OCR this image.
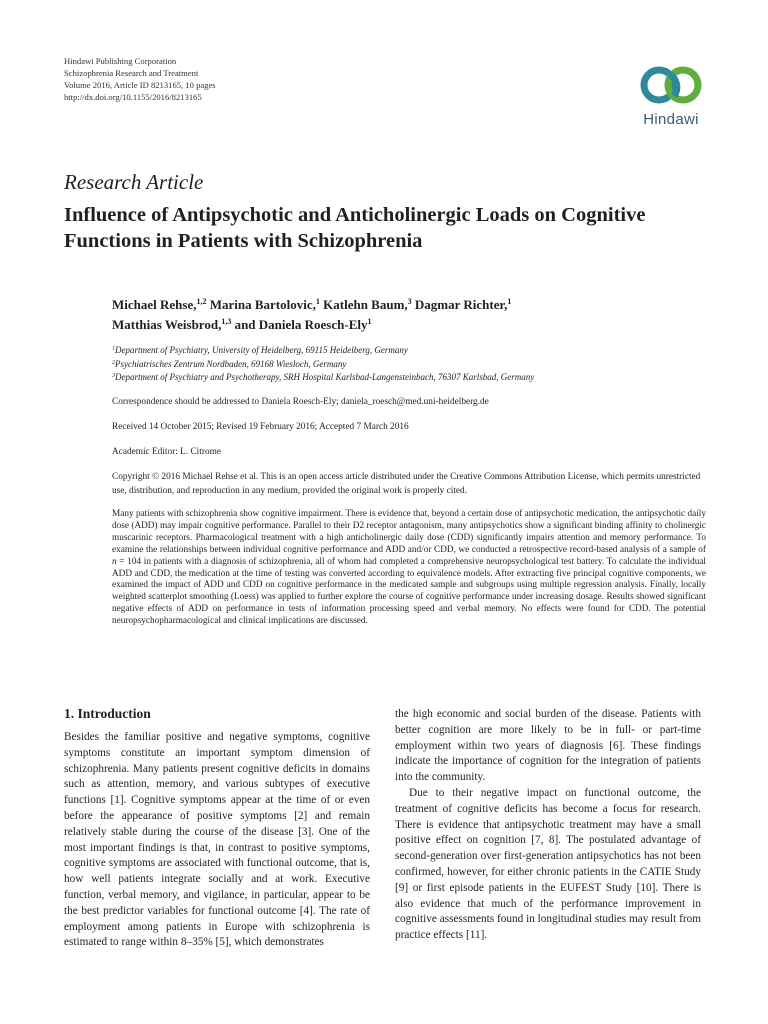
Hindawi Publishing Corporation
Schizophrenia Research and Treatment
Volume 2016, Article ID 8213165, 10 pages
http://dx.doi.org/10.1155/2016/8213165
Hindawi
Research Article
Influence of Antipsychotic and Anticholinergic Loads on Cognitive Functions in Patients with Schizophrenia
Michael Rehse,$^{1,2}$ Marina Bartolovic,$^1$ Katlehn Baum,$^3$ Dagmar Richter,$^1$
Matthias Weisbrod,$^{1,3}$ and Daniela Roesch-Ely$^1$
$^1$Department of Psychiatry, University of Heidelberg, 69115 Heidelberg, Germany
$^2$Psychiatrisches Zentrum Nordbaden, 69168 Wiesloch, Germany
$^3$Department of Psychiatry and Psychotherapy, SRH Hospital Karlsbad-Langensteinbach, 76307 Karlsbad, Germany
Correspondence should be addressed to Daniela Roesch-Ely; daniela_roesch@med.uni-heidelberg.de
Received 14 October 2015; Revised 19 February 2016; Accepted 7 March 2016
Academic Editor: L. Citrome
Copyright © 2016 Michael Rehse et al. This is an open access article distributed under the Creative Commons Attribution License, which permits unrestricted use, distribution, and reproduction in any medium, provided the original work is properly cited.
Many patients with schizophrenia show cognitive impairment. There is evidence that, beyond a certain dose of antipsychotic medication, the antipsychotic daily dose (ADD) may impair cognitive performance. Parallel to their D2 receptor antagonism, many antipsychotics show a significant binding affinity to cholinergic muscarinic receptors. Pharmacological treatment with a high anticholinergic daily dose (CDD) significantly impairs attention and memory performance. To examine the relationships between individual cognitive performance and ADD and/or CDD, we conducted a retrospective record-based analysis of a sample of n = 104 in patients with a diagnosis of schizophrenia, all of whom had completed a comprehensive neuropsychological test battery. To calculate the individual ADD and CDD, the medication at the time of testing was converted according to equivalence models. After extracting five principal cognitive components, we examined the impact of ADD and CDD on cognitive performance in the medicated sample and subgroups using multiple regression analysis. Finally, locally weighted scatterplot smoothing (Loess) was applied to further explore the course of cognitive performance under increasing dosage. Results showed significant negative effects of ADD on performance in tests of information processing speed and verbal memory. No effects were found for CDD. The potential neuropsychopharmacological and clinical implications are discussed.
1. Introduction

Besides the familiar positive and negative symptoms, cognitive symptoms constitute an important symptom dimension of schizophrenia. Many patients present cognitive deficits in domains such as attention, memory, and various subtypes of executive functions [1]. Cognitive symptoms appear at the time of or even before the appearance of positive symptoms [2] and remain relatively stable during the course of the disease [3]. One of the most important findings is that, in contrast to positive symptoms, cognitive symptoms are associated with functional outcome, that is, how well patients integrate socially and at work. Executive function, verbal memory, and vigilance, in particular, appear to be the best predictor variables for functional outcome [4]. The rate of employment among patients in Europe with schizophrenia is estimated to range within 8–35% [5], which demonstrates

the high economic and social burden of the disease. Patients with better cognition are more likely to be in full- or part-time employment within two years of diagnosis [6]. These findings indicate the importance of cognition for the integration of patients into the community.

Due to their negative impact on functional outcome, the treatment of cognitive deficits has become a focus for research. There is evidence that antipsychotic treatment may have a small positive effect on cognition [7, 8]. The postulated advantage of second-generation over first-generation antipsychotics has not been confirmed, however, for either chronic patients in the CATIE Study [9] or first episode patients in the EUFEST Study [10]. There is also evidence that much of the performance improvement in cognitive assessments found in longitudinal studies may result from practice effects [11].
